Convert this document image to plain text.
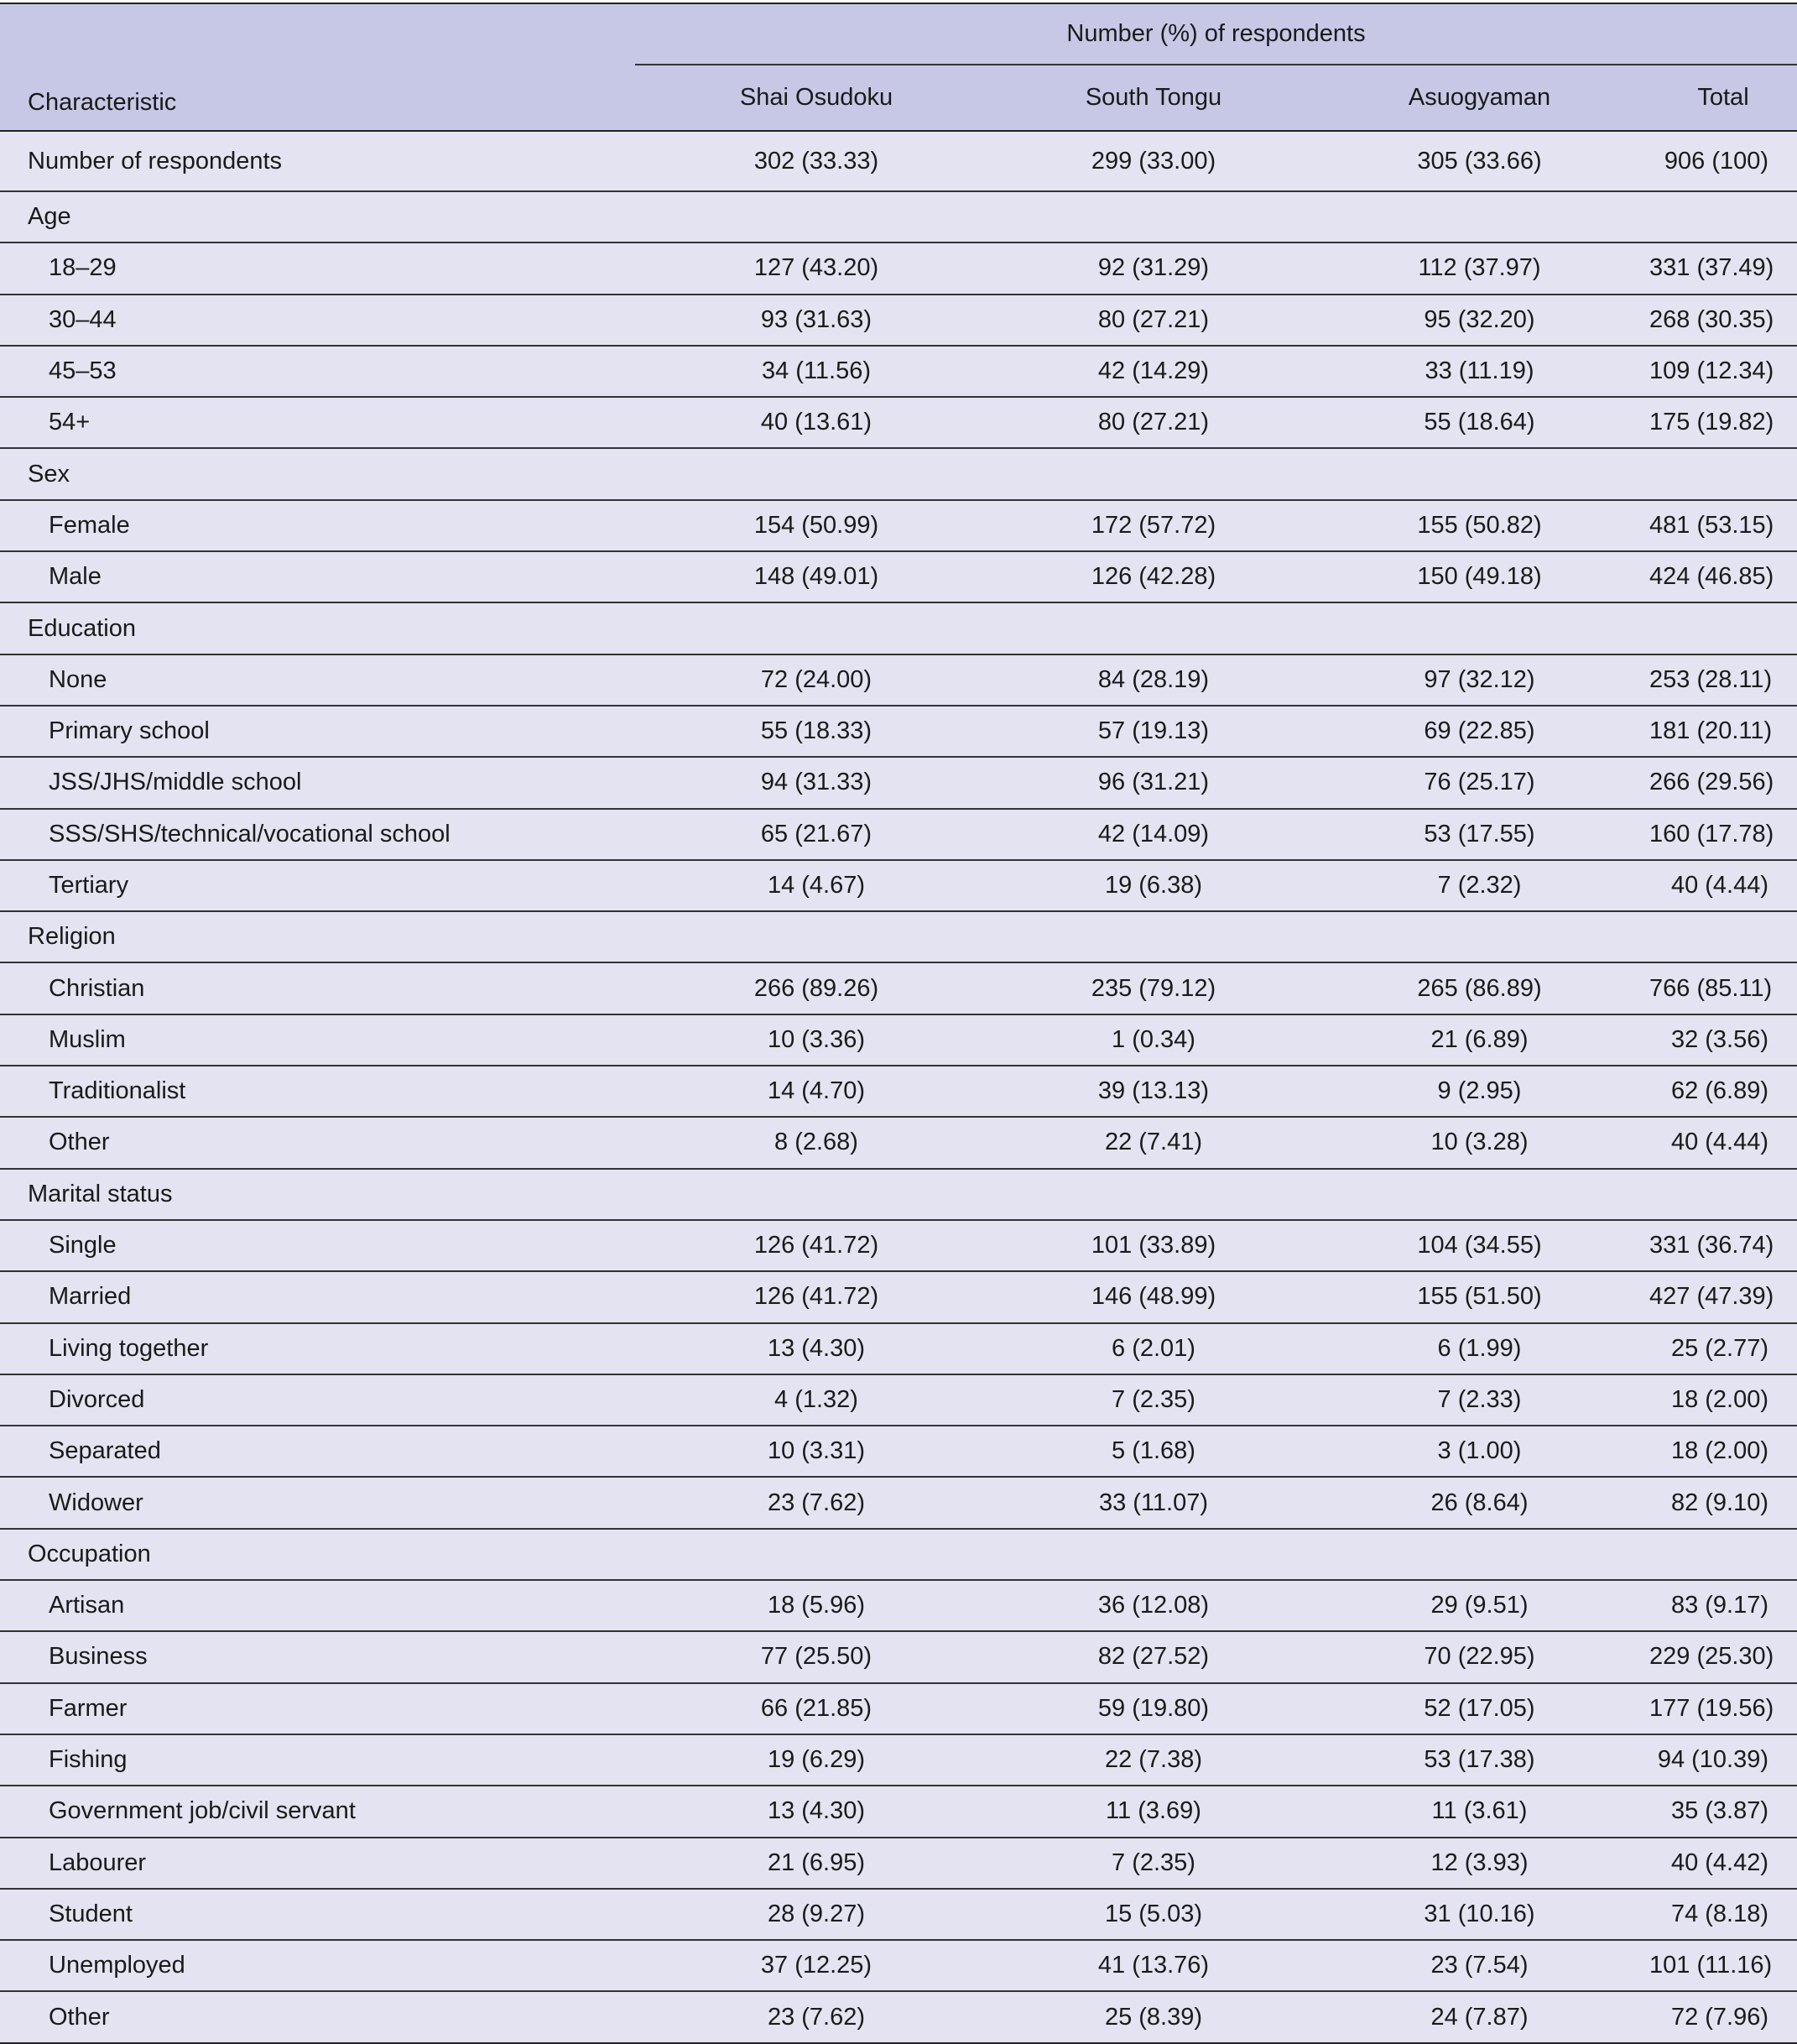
	Number (%) of respondents			
Characteristic	Shai Osudoku	South Tongu	Asuogyaman	Total
Number of respondents	302 (33.33)	299 (33.00)	305 (33.66)	906 (100)
Age				
18–29	127 (43.20)	92 (31.29)	112 (37.97)	331 (37.49)
30–44	93 (31.63)	80 (27.21)	95 (32.20)	268 (30.35)
45–53	34 (11.56)	42 (14.29)	33 (11.19)	109 (12.34)
54+	40 (13.61)	80 (27.21)	55 (18.64)	175 (19.82)
Sex				
Female	154 (50.99)	172 (57.72)	155 (50.82)	481 (53.15)
Male	148 (49.01)	126 (42.28)	150 (49.18)	424 (46.85)
Education				
None	72 (24.00)	84 (28.19)	97 (32.12)	253 (28.11)
Primary school	55 (18.33)	57 (19.13)	69 (22.85)	181 (20.11)
JSS/JHS/middle school	94 (31.33)	96 (31.21)	76 (25.17)	266 (29.56)
SSS/SHS/technical/vocational school	65 (21.67)	42 (14.09)	53 (17.55)	160 (17.78)
Tertiary	14 (4.67)	19 (6.38)	7 (2.32)	40 (4.44)
Religion				
Christian	266 (89.26)	235 (79.12)	265 (86.89)	766 (85.11)
Muslim	10 (3.36)	1 (0.34)	21 (6.89)	32 (3.56)
Traditionalist	14 (4.70)	39 (13.13)	9 (2.95)	62 (6.89)
Other	8 (2.68)	22 (7.41)	10 (3.28)	40 (4.44)
Marital status				
Single	126 (41.72)	101 (33.89)	104 (34.55)	331 (36.74)
Married	126 (41.72)	146 (48.99)	155 (51.50)	427 (47.39)
Living together	13 (4.30)	6 (2.01)	6 (1.99)	25 (2.77)
Divorced	4 (1.32)	7 (2.35)	7 (2.33)	18 (2.00)
Separated	10 (3.31)	5 (1.68)	3 (1.00)	18 (2.00)
Widower	23 (7.62)	33 (11.07)	26 (8.64)	82 (9.10)
Occupation				
Artisan	18 (5.96)	36 (12.08)	29 (9.51)	83 (9.17)
Business	77 (25.50)	82 (27.52)	70 (22.95)	229 (25.30)
Farmer	66 (21.85)	59 (19.80)	52 (17.05)	177 (19.56)
Fishing	19 (6.29)	22 (7.38)	53 (17.38)	94 (10.39)
Government job/civil servant	13 (4.30)	11 (3.69)	11 (3.61)	35 (3.87)
Labourer	21 (6.95)	7 (2.35)	12 (3.93)	40 (4.42)
Student	28 (9.27)	15 (5.03)	31 (10.16)	74 (8.18)
Unemployed	37 (12.25)	41 (13.76)	23 (7.54)	101 (11.16)
Other	23 (7.62)	25 (8.39)	24 (7.87)	72 (7.96)
